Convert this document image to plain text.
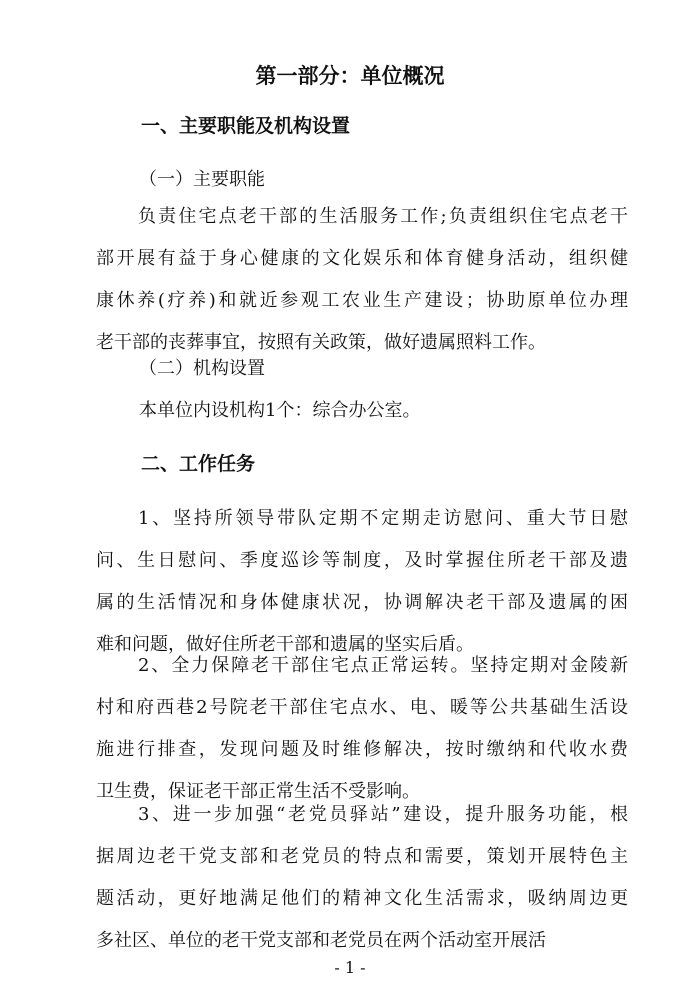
第一部分：单位概况
一、主要职能及机构设置
（一）主要职能
负责住宅点老干部的生活服务工作;负责组织住宅点老干
部开展有益于身心健康的文化娱乐和体育健身活动，组织健
康休养(疗养)和就近参观工农业生产建设；协助原单位办理
老干部的丧葬事宜，按照有关政策，做好遗属照料工作。
（二）机构设置
本单位内设机构1个：综合办公室。
二、工作任务
1、坚持所领导带队定期不定期走访慰问、重大节日慰
问、生日慰问、季度巡诊等制度，及时掌握住所老干部及遗
属的生活情况和身体健康状况，协调解决老干部及遗属的困
难和问题，做好住所老干部和遗属的坚实后盾。
2、全力保障老干部住宅点正常运转。坚持定期对金陵新
村和府西巷2号院老干部住宅点水、电、暖等公共基础生活设
施进行排查，发现问题及时维修解决，按时缴纳和代收水费
卫生费，保证老干部正常生活不受影响。
3、进一步加强“老党员驿站”建设，提升服务功能，根
据周边老干党支部和老党员的特点和需要，策划开展特色主
题活动，更好地满足他们的精神文化生活需求，吸纳周边更
多社区、单位的老干党支部和老党员在两个活动室开展活
- 1 -
